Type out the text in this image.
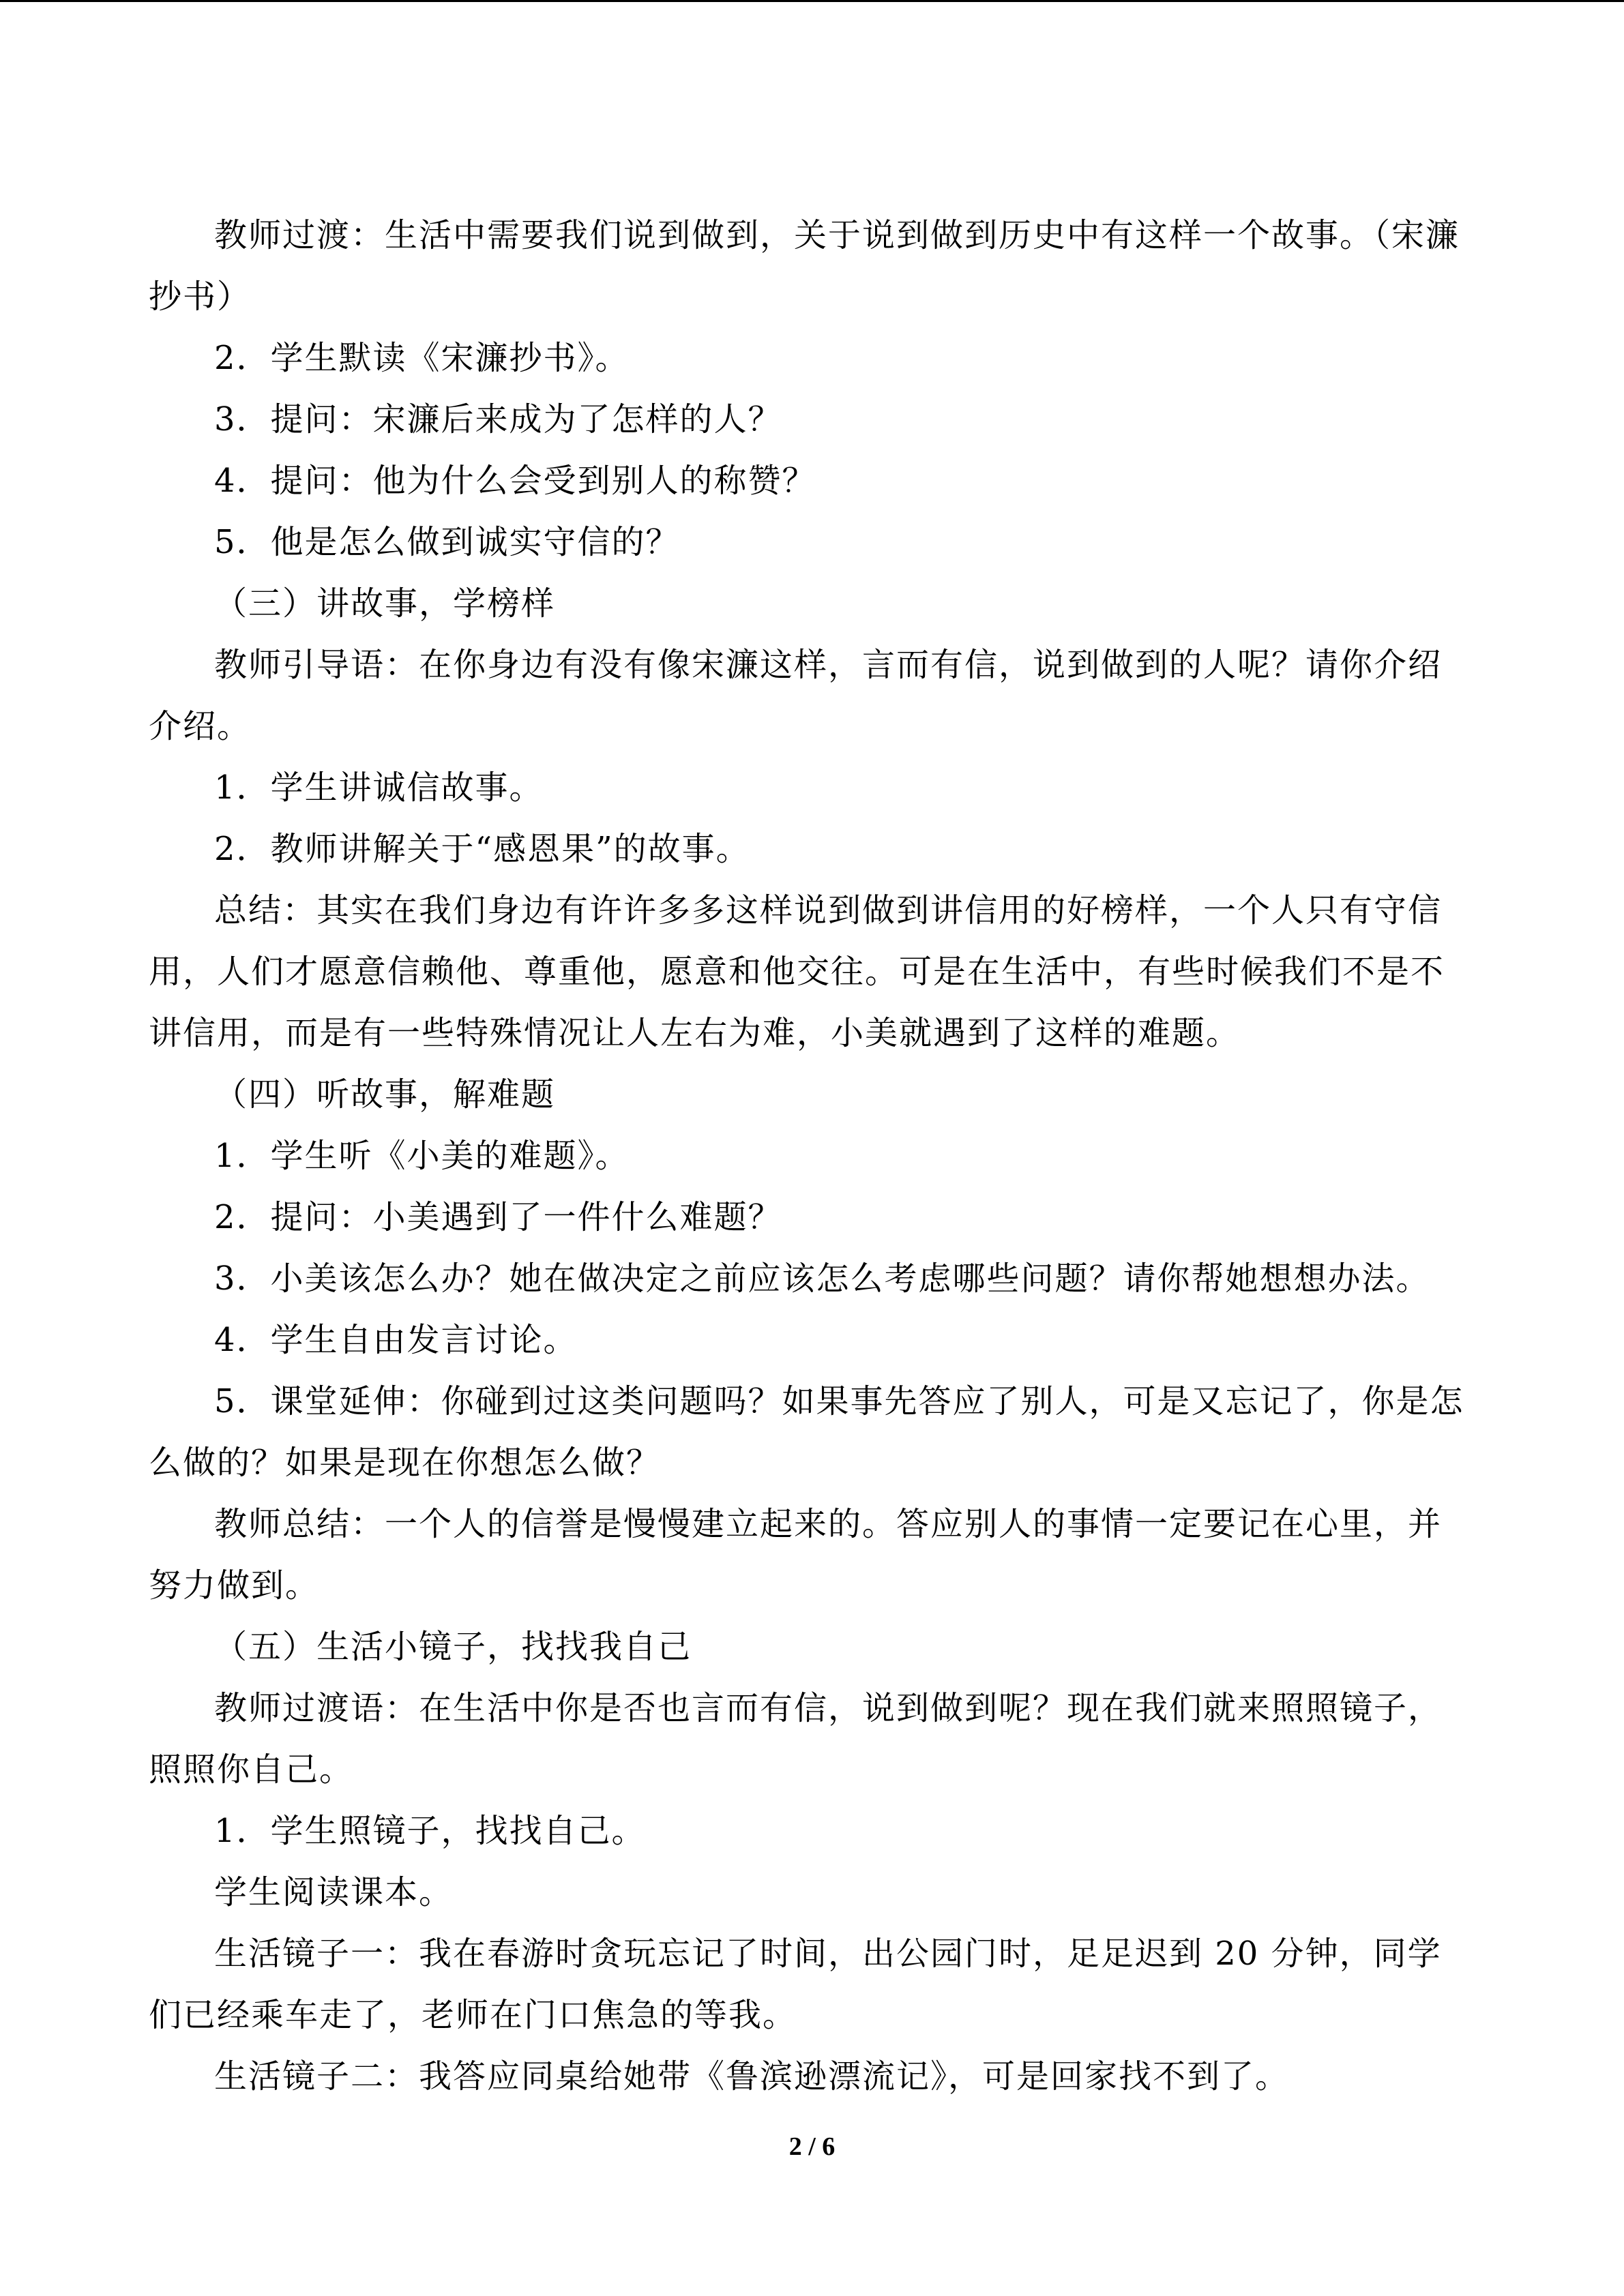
教师过渡：生活中需要我们说到做到，关于说到做到历史中有这样一个故事。（宋濂抄书）

2．学生默读《宋濂抄书》。

3．提问：宋濂后来成为了怎样的人？

4．提问：他为什么会受到别人的称赞？

5．他是怎么做到诚实守信的？

（三）讲故事，学榜样

教师引导语：在你身边有没有像宋濂这样，言而有信，说到做到的人呢？请你介绍介绍。

1．学生讲诚信故事。

2．教师讲解关于“感恩果”的故事。

总结：其实在我们身边有许许多多这样说到做到讲信用的好榜样，一个人只有守信用，人们才愿意信赖他、尊重他，愿意和他交往。可是在生活中，有些时候我们不是不讲信用，而是有一些特殊情况让人左右为难，小美就遇到了这样的难题。

（四）听故事，解难题

1．学生听《小美的难题》。

2．提问：小美遇到了一件什么难题？

3．小美该怎么办？她在做决定之前应该怎么考虑哪些问题？请你帮她想想办法。

4．学生自由发言讨论。

5．课堂延伸：你碰到过这类问题吗？如果事先答应了别人，可是又忘记了，你是怎么做的？如果是现在你想怎么做？

教师总结：一个人的信誉是慢慢建立起来的。答应别人的事情一定要记在心里，并努力做到。

（五）生活小镜子，找找我自己

教师过渡语：在生活中你是否也言而有信，说到做到呢？现在我们就来照照镜子，照照你自己。

1．学生照镜子，找找自己。

学生阅读课本。

生活镜子一：我在春游时贪玩忘记了时间，出公园门时，足足迟到 20 分钟，同学们已经乘车走了，老师在门口焦急的等我。

生活镜子二：我答应同桌给她带《鲁滨逊漂流记》，可是回家找不到了。

2 / 6
